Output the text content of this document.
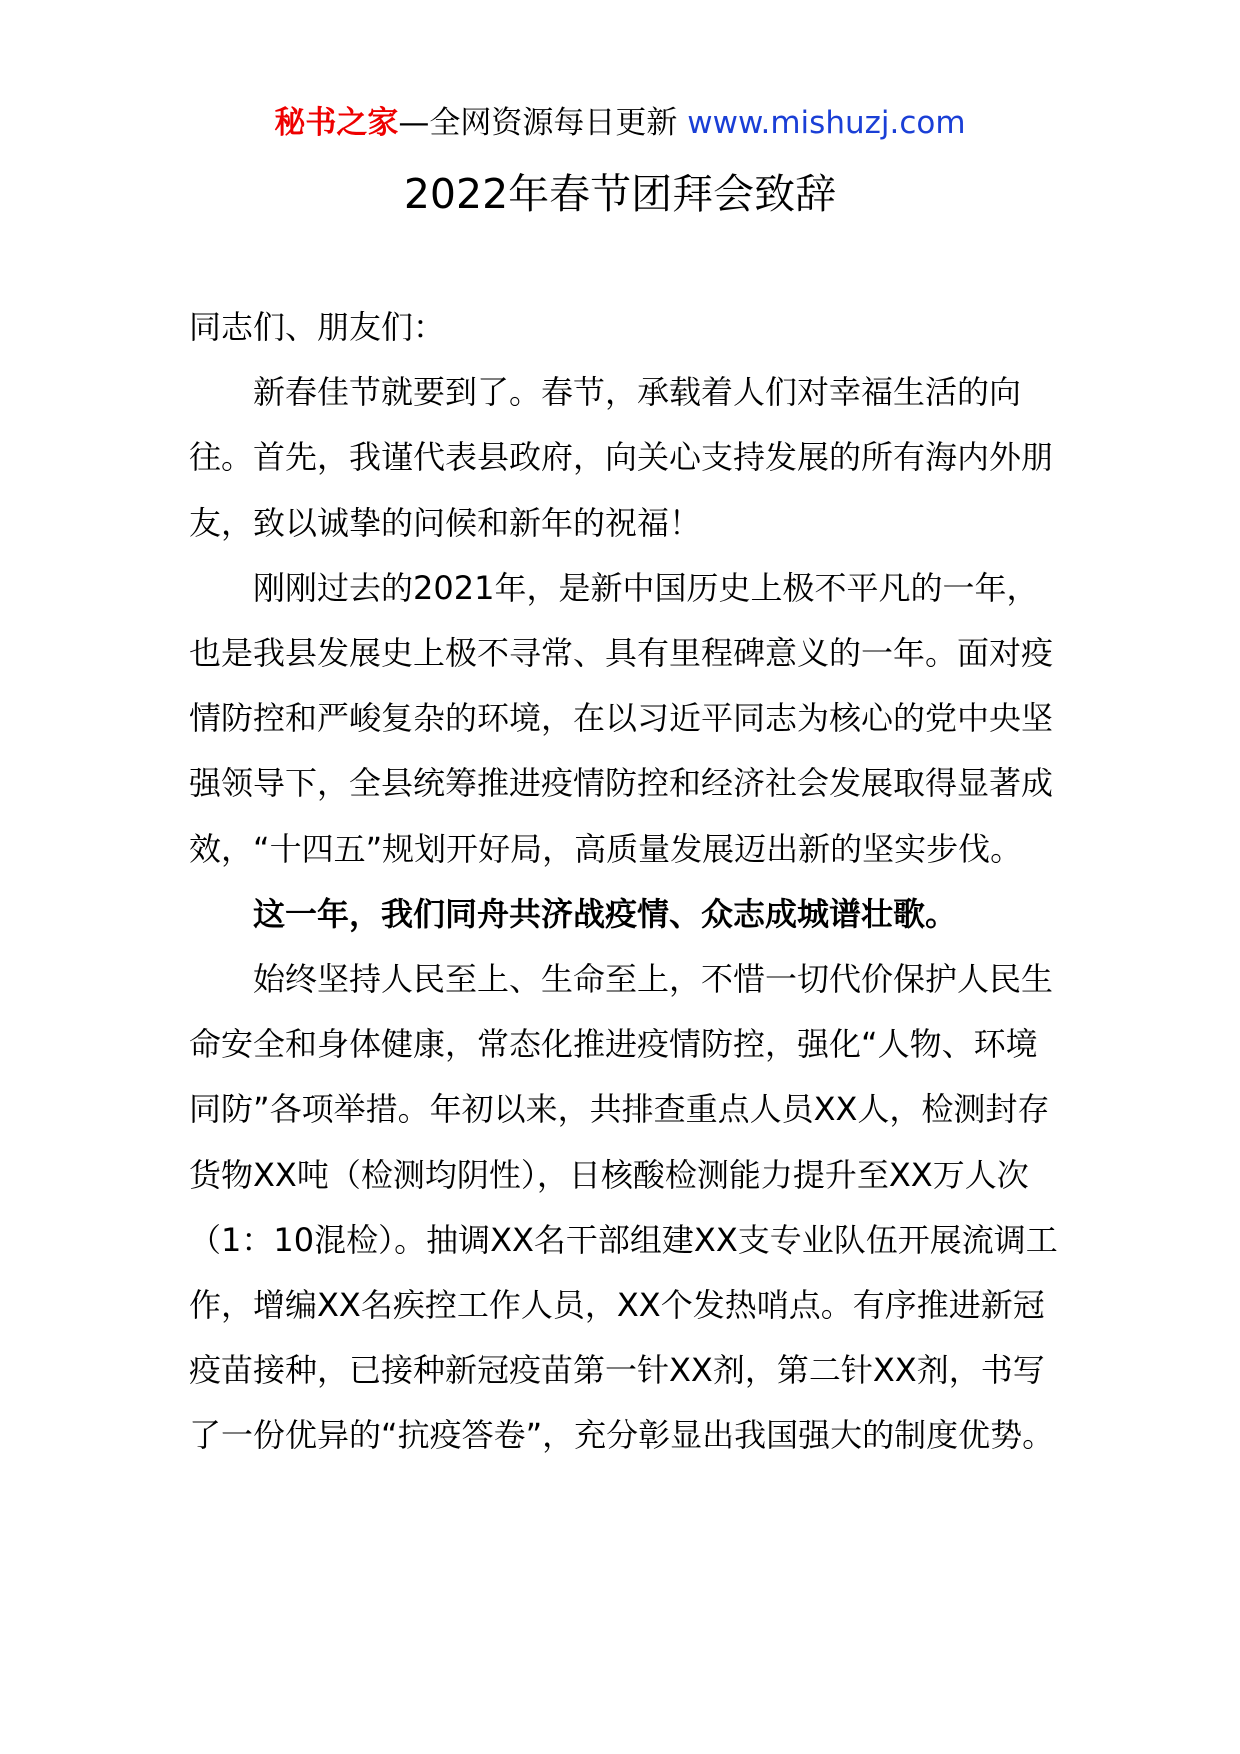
秘书之家—全网资源每日更新 www.mishuzj.com
2022年春节团拜会致辞

同志们、朋友们：

新春佳节就要到了。春节，承载着人们对幸福生活的向往。首先，我谨代表县政府，向关心支持发展的所有海内外朋友，致以诚挚的问候和新年的祝福！

刚刚过去的2021年，是新中国历史上极不平凡的一年，也是我县发展史上极不寻常、具有里程碑意义的一年。面对疫情防控和严峻复杂的环境，在以习近平同志为核心的党中央坚强领导下，全县统筹推进疫情防控和经济社会发展取得显著成效，“十四五”规划开好局，高质量发展迈出新的坚实步伐。

这一年，我们同舟共济战疫情、众志成城谱壮歌。

始终坚持人民至上、生命至上，不惜一切代价保护人民生命安全和身体健康，常态化推进疫情防控，强化“人物、环境同防”各项举措。年初以来，共排查重点人员XX人，检测封存货物XX吨（检测均阴性），日核酸检测能力提升至XX万人次（1：10混检）。抽调XX名干部组建XX支专业队伍开展流调工作，增编XX名疾控工作人员，XX个发热哨点。有序推进新冠疫苗接种，已接种新冠疫苗第一针XX剂，第二针XX剂，书写了一份优异的“抗疫答卷”，充分彰显出我国强大的制度优势。
